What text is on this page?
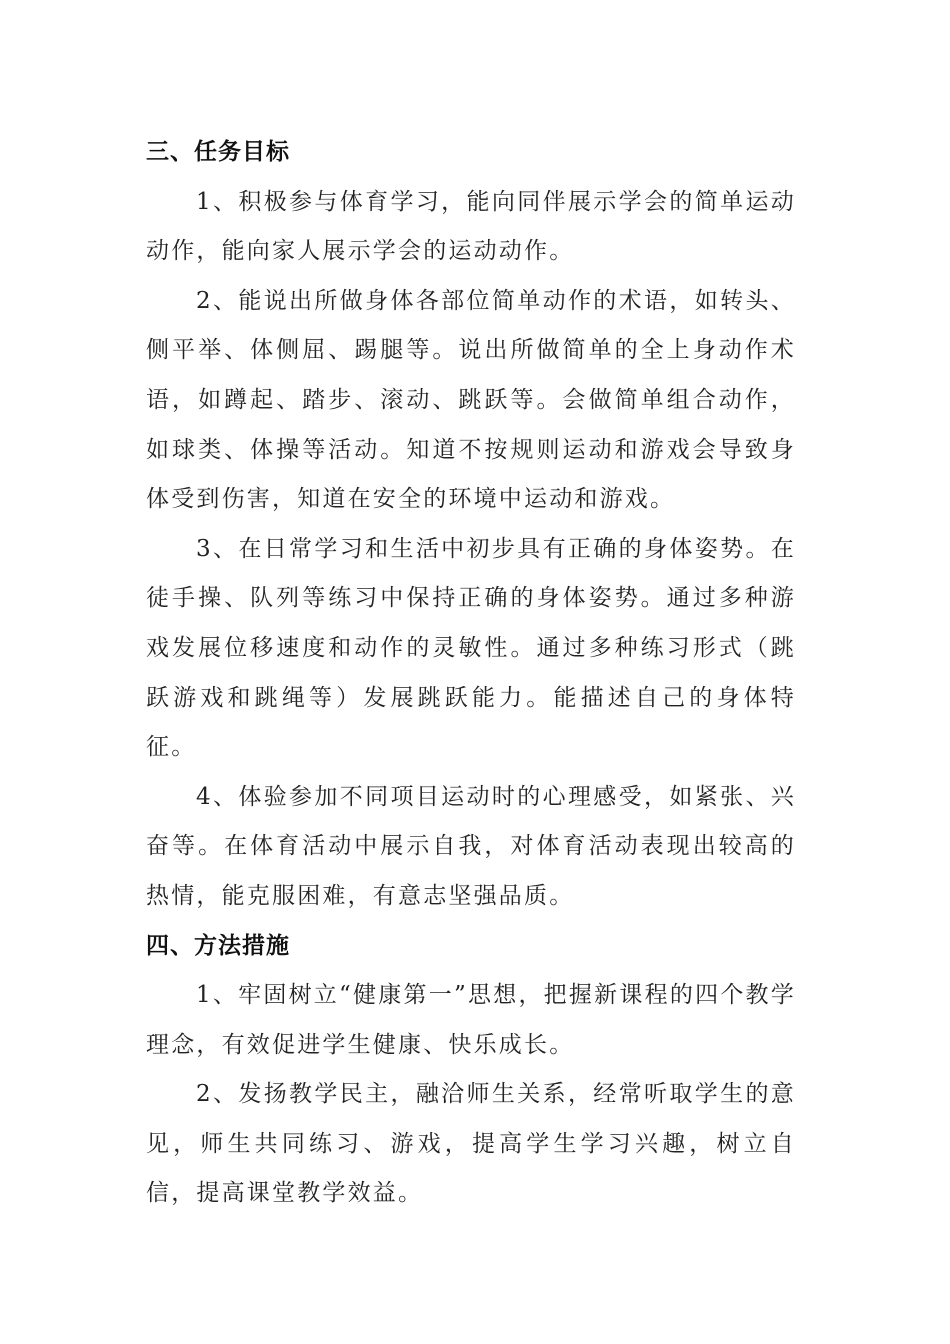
三、任务目标

1、积极参与体育学习，能向同伴展示学会的简单运动动作，能向家人展示学会的运动动作。

2、能说出所做身体各部位简单动作的术语，如转头、侧平举、体侧屈、踢腿等。说出所做简单的全上身动作术语，如蹲起、踏步、滚动、跳跃等。会做简单组合动作，如球类、体操等活动。知道不按规则运动和游戏会导致身体受到伤害，知道在安全的环境中运动和游戏。

3、在日常学习和生活中初步具有正确的身体姿势。在徒手操、队列等练习中保持正确的身体姿势。通过多种游戏发展位移速度和动作的灵敏性。通过多种练习形式（跳跃游戏和跳绳等）发展跳跃能力。能描述自己的身体特征。

4、体验参加不同项目运动时的心理感受，如紧张、兴奋等。在体育活动中展示自我，对体育活动表现出较高的热情，能克服困难，有意志坚强品质。

四、方法措施

1、牢固树立“健康第一”思想，把握新课程的四个教学理念，有效促进学生健康、快乐成长。

2、发扬教学民主，融洽师生关系，经常听取学生的意见，师生共同练习、游戏，提高学生学习兴趣，树立自信，提高课堂教学效益。
